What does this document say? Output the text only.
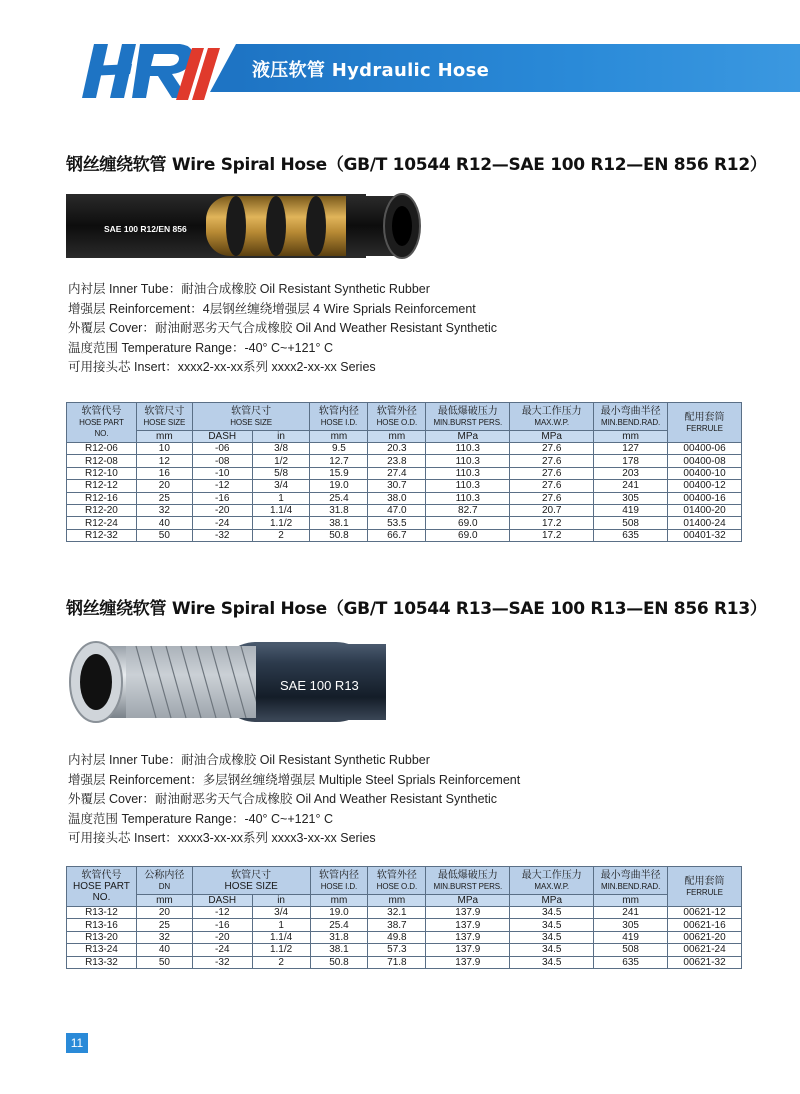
液压软管 Hydraulic Hose
钢丝缠绕软管 Wire Spiral Hose（GB/T 10544 R12—SAE 100 R12—EN 856 R12）
SAE 100 R12/EN 856
内衬层 Inner Tube：耐油合成橡胶 Oil Resistant Synthetic Rubber
增强层 Reinforcement：4层钢丝缠绕增强层 4 Wire Sprials Reinforcement
外覆层 Cover：耐油耐恶劣天气合成橡胶 Oil And Weather Resistant Synthetic
温度范围 Temperature Range：-40° C~+121° C
可用接头芯 Insert：xxxx2-xx-xx系列 xxxx2-xx-xx Series
软管代号
HOSE PART
NO.	软管尺寸
HOSE SIZE	软管尺寸
HOSE SIZE		软管内径
HOSE I.D.	软管外径
HOSE O.D.	最低爆破压力
MIN.BURST PERS.	最大工作压力
MAX.W.P.	最小弯曲半径
MIN.BEND.RAD.	配用套筒
FERRULE

	mm	DASH	in	mm	mm	MPa	MPa	mm	
R12-06	10	-06	3/8	9.5	20.3	110.3	27.6	127	00400-06
R12-08	12	-08	1/2	12.7	23.8	110.3	27.6	178	00400-08
R12-10	16	-10	5/8	15.9	27.4	110.3	27.6	203	00400-10
R12-12	20	-12	3/4	19.0	30.7	110.3	27.6	241	00400-12
R12-16	25	-16	1	25.4	38.0	110.3	27.6	305	00400-16
R12-20	32	-20	1.1/4	31.8	47.0	82.7	20.7	419	01400-20
R12-24	40	-24	1.1/2	38.1	53.5	69.0	17.2	508	01400-24
R12-32	50	-32	2	50.8	66.7	69.0	17.2	635	00401-32
钢丝缠绕软管 Wire Spiral Hose（GB/T 10544 R13—SAE 100 R13—EN 856 R13）
SAE 100 R13
内衬层 Inner Tube：耐油合成橡胶 Oil Resistant Synthetic Rubber
增强层 Reinforcement：多层钢丝缠绕增强层 Multiple Steel Sprials Reinforcement
外覆层 Cover：耐油耐恶劣天气合成橡胶 Oil And Weather Resistant Synthetic
温度范围 Temperature Range：-40° C~+121° C
可用接头芯 Insert：xxxx3-xx-xx系列 xxxx3-xx-xx Series
软管代号
HOSE PART
NO.	公称内径
DN	软管尺寸
HOSE SIZE		软管内径
HOSE I.D.	软管外径
HOSE O.D.	最低爆破压力
MIN.BURST PERS.	最大工作压力
MAX.W.P.	最小弯曲半径
MIN.BEND.RAD.	配用套筒
FERRULE

	mm	DASH	in	mm	mm	MPa	MPa	mm	
R13-12	20	-12	3/4	19.0	32.1	137.9	34.5	241	00621-12
R13-16	25	-16	1	25.4	38.7	137.9	34.5	305	00621-16
R13-20	32	-20	1.1/4	31.8	49.8	137.9	34.5	419	00621-20
R13-24	40	-24	1.1/2	38.1	57.3	137.9	34.5	508	00621-24
R13-32	50	-32	2	50.8	71.8	137.9	34.5	635	00621-32
11
